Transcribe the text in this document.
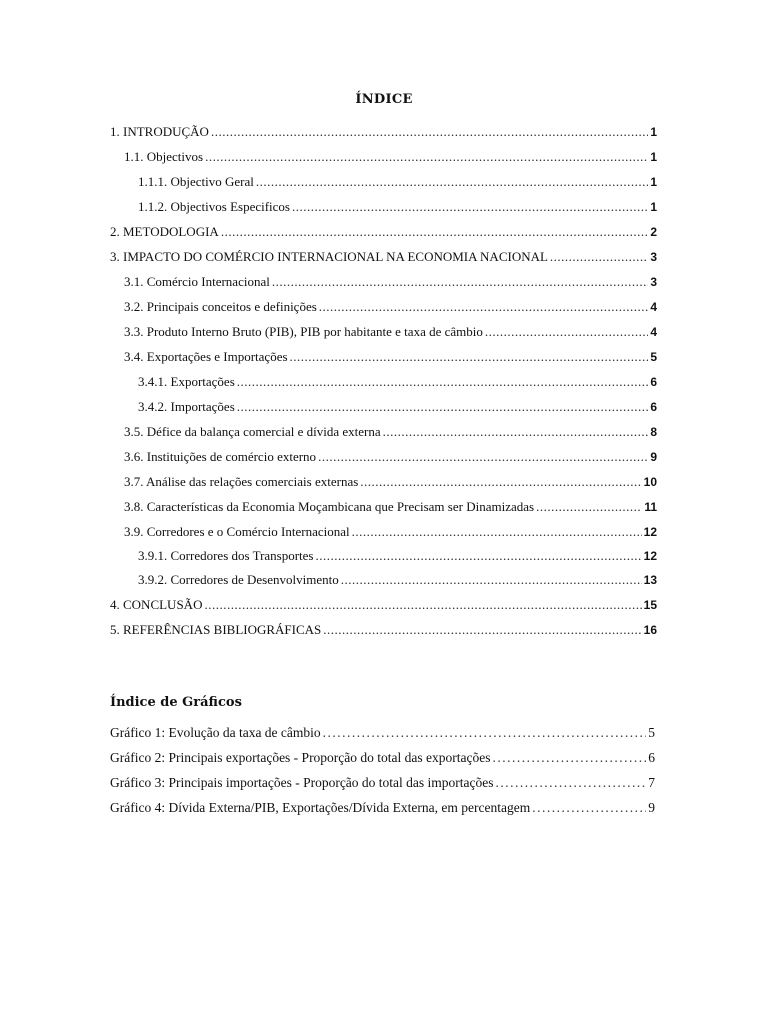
ÍNDICE
1. INTRODUÇÃO .....	1
1.1. Objectivos .....	1
1.1.1. Objectivo Geral .....	1
1.1.2. Objectivos Especificos .....	1
2. METODOLOGIA .....	2
3. IMPACTO DO COMÉRCIO INTERNACIONAL NA ECONOMIA NACIONAL .....	3
3.1. Comércio Internacional .....	3
3.2. Principais conceitos e definições .....	4
3.3. Produto Interno Bruto (PIB), PIB por habitante e taxa de câmbio .....	4
3.4. Exportações e Importações .....	5
3.4.1. Exportações .....	6
3.4.2. Importações .....	6
3.5. Défice da balança comercial e dívida externa .....	8
3.6. Instituições de comércio externo .....	9
3.7. Análise das relações comerciais externas .....	10
3.8. Características da Economia Moçambicana que Precisam ser Dinamizadas .....	11
3.9. Corredores e o Comércio Internacional .....	12
3.9.1. Corredores dos Transportes .....	12
3.9.2. Corredores de Desenvolvimento .....	13
4. CONCLUSÃO .....	15
5. REFERÊNCIAS BIBLIOGRÁFICAS .....	16
Índice de Gráficos
Gráfico 1: Evolução da taxa de câmbio .....	5
Gráfico 2: Principais exportações - Proporção do total das exportações .....	6
Gráfico 3: Principais importações - Proporção do total das importações .....	7
Gráfico 4: Dívida Externa/PIB, Exportações/Dívida Externa, em percentagem .....	9
